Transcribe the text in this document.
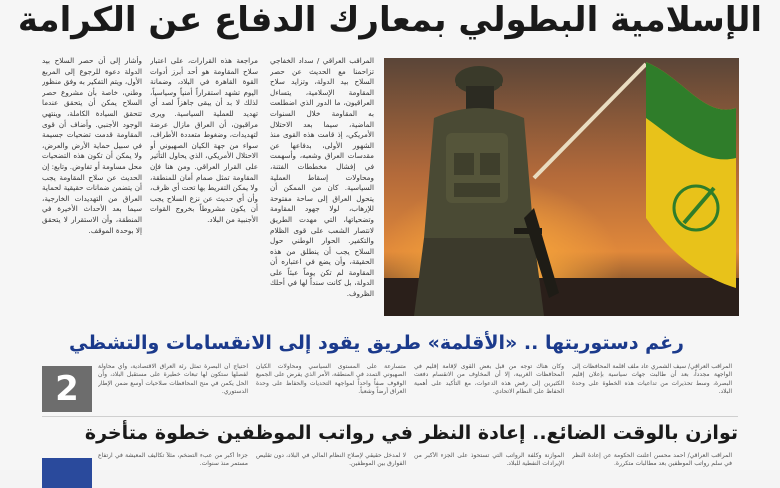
الإسلامية البطولي بمعارك الدفاع عن الكرامة
المراقب العراقي / سداد الخفاجي تزاحمنا مع الحديث عن حصر السلاح بيد الدولة، وتزايد سلاح المقاومة الإسلامية، يتساءل العراقيون، ما الدور الذي اضطلعت به المقاومة خلال السنوات الماضية، سيما بعد الاحتلال الأمريكي، إذ قامت هذه القوى منذ الشهور الأولى، بدفاعها عن مقدسات العراق وشعبه، وأسهمت في إفشال مخططات الفتنة، ومحاولات إسقاط العملية السياسية. كان من الممكن أن يتحول العراق إلى ساحة مفتوحة للإرهاب، لولا جهود المقاومة وتضحياتها، التي مهدت الطريق لانتصار الشعب على قوى الظلام والتكفير. الحوار الوطني حول السلاح يجب أن ينطلق من هذه الحقيقة، وأن يضع في اعتباره أن المقاومة لم تكن يوماً عبئاً على الدولة، بل كانت سنداً لها في أحلك الظروف.
مراجعة هذه القرارات، على اعتبار سلاح المقاومة هو أحد أبرز أدوات القوة القاهرة في البلاد، وضمانة اليوم تشهد استقراراً أمنياً وسياسياً، لذلك لا بد أن يبقى جاهزاً لصد أي تهديد للعملية السياسية. ويرى مراقبون، أن العراق مازال عرضة لتهديدات، وضغوط متعددة الأطراف، سواء من جهة الكيان الصهيوني أو الاحتلال الأمريكي، الذي يحاول التأثير على القرار العراقي. ومن هنا فإن المقاومة تمثل صمام أمان للمنطقة، ولا يمكن التفريط بها تحت أي ظرف، وأن أي حديث عن نزع السلاح يجب أن يكون مشروطاً بخروج القوات الأجنبية من البلاد.
وأشار إلى أن حصر السلاح بيد الدولة دعوة للرجوع إلى المربع الأول، ويتم التفكير به وفق منظور وطني، خاصة بأن مشروع حصر السلاح يمكن أن يتحقق عندما تتحقق السيادة الكاملة، وينتهي الوجود الأجنبي. وأضاف أن قوى المقاومة قدمت تضحيات جسيمة في سبيل حماية الأرض والعرض، ولا يمكن أن تكون هذه التضحيات محل مساومة أو تفاوض. وتابع: إن الحديث عن سلاح المقاومة يجب أن يتضمن ضمانات حقيقية لحماية العراق من التهديدات الخارجية، سيما بعد الأحداث الأخيرة في المنطقة، وأن الاستقرار لا يتحقق إلا بوحدة الموقف.
رغم دستوريتها .. «الأقلمة» طريق يقود إلى الانقسامات والتشظي
2
المراقب العراقي/ سيف الشمري عاد ملف أقلمة المحافظات إلى الواجهة مجدداً، بعد أن طالبت جهات سياسية بإعلان إقليم البصرة، وسط تحذيرات من تداعيات هذه الخطوة على وحدة البلاد.
وكان هناك توجه من قبل بعض القوى لإقامة إقليم في المحافظات الغربية، إلا أن المخاوف من الانقسام دفعت الكثيرين إلى رفض هذه الدعوات، مع التأكيد على أهمية الحفاظ على النظام الاتحادي.
متسارعة على المستوى السياسي ومحاولات الكيان الصهيوني التمدد في المنطقة، الأمر الذي يفرض على الجميع الوقوف صفاً واحداً لمواجهة التحديات والحفاظ على وحدة العراق أرضاً وشعباً.
احتياج أن البصرة تمثل رئة العراق الاقتصادية، وأي محاولة لفصلها ستكون لها تبعات خطيرة على مستقبل البلاد، وأن الحل يكمن في منح المحافظات صلاحيات أوسع ضمن الإطار الدستوري.
توازن بالوقت الضائع.. إعادة النظر في رواتب الموظفين خطوة متأخرة
المراقب العراقي/ أحمد محسن أعلنت الحكومة عن إعادة النظر في سلم رواتب الموظفين بعد مطالبات متكررة.
الموازنة وكلفة الرواتب التي تستحوذ على الجزء الأكبر من الإيرادات النفطية للبلاد.
لا لمدخل حقيقي لإصلاح النظام المالي في البلاد، دون تقليص الفوارق بين الموظفين.
جزءاً أكبر من عبء التضخم، مثلاً تكاليف المعيشة في ارتفاع مستمر منذ سنوات.
